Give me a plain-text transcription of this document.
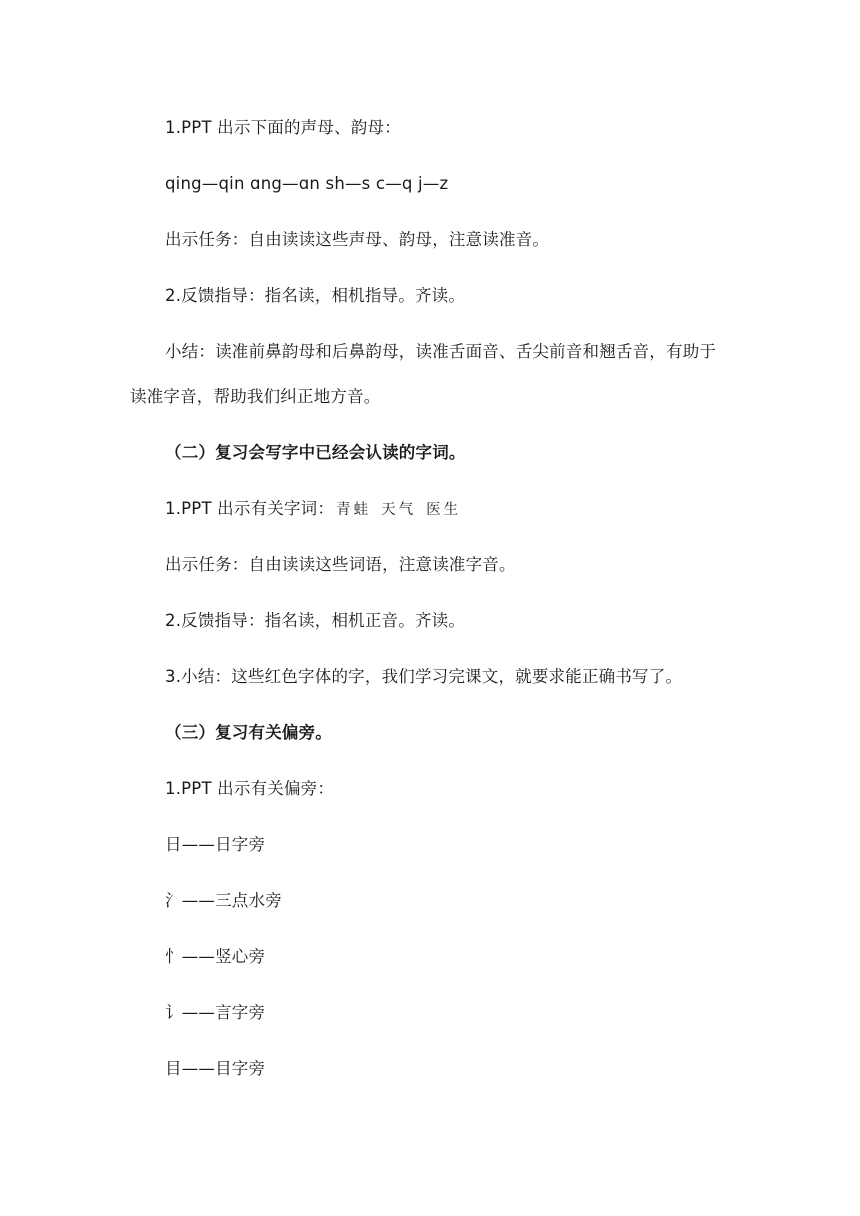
1.PPT 出示下面的声母、韵母：
qing—qin ɑng—ɑn sh—s c—q j—z
出示任务：自由读读这些声母、韵母，注意读准音。
2.反馈指导：指名读，相机指导。齐读。
小结：读准前鼻韵母和后鼻韵母，读准舌面音、舌尖前音和翘舌音，有助于
读准字音，帮助我们纠正地方音。
（二）复习会写字中已经会认读的字词。
1.PPT 出示有关字词： 青蛙 天气 医生
出示任务：自由读读这些词语，注意读准字音。
2.反馈指导：指名读，相机正音。齐读。
3.小结：这些红色字体的字，我们学习完课文，就要求能正确书写了。
（三）复习有关偏旁。
1.PPT 出示有关偏旁：
日——日字旁
氵——三点水旁
忄——竖心旁
讠——言字旁
目——目字旁
